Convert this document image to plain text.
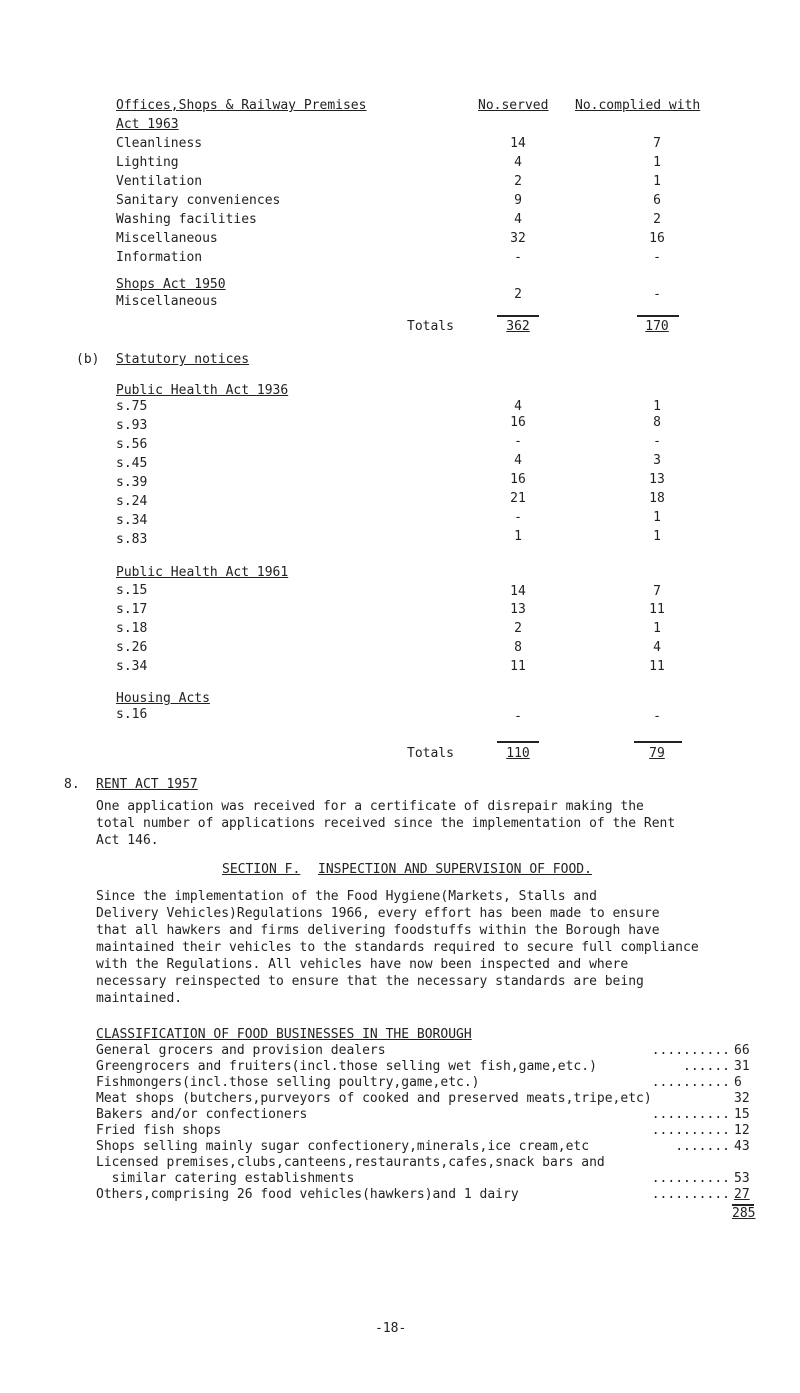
Offices,Shops & Railway Premises	No.served No.complied with
Act 1963
Cleanliness	14	7
Lighting	4	1
Ventilation	2	1
Sanitary conveniences	9	6
Washing facilities	4	2
Miscellaneous	32	16
Information	-	-
Shops Act 1950
Miscellaneous	2	-
Totals	362	170
(b) Statutory notices
Public Health Act 1936
s.75	4	1
s.93	16	8
s.56	-	-
s.45	4	3
s.39	16	13
s.24	21	18
s.34	-	1
s.83	1	1
Public Health Act 1961
s.15	14	7
s.17	13	11
s.18	2	1
s.26	8	4
s.34	11	11
Housing Acts
s.16	-	-
Totals	110	79
8. RENT ACT 1957

One application was received for a certificate of disrepair making the
total number of applications received since the implementation of the Rent
Act 146.

SECTION F. INSPECTION AND SUPERVISION OF FOOD.

Since the implementation of the Food Hygiene(Markets, Stalls and
Delivery Vehicles)Regulations 1966, every effort has been made to ensure
that all hawkers and firms delivering foodstuffs within the Borough have
maintained their vehicles to the standards required to secure full compliance
with the Regulations. All vehicles have now been inspected and where
necessary reinspected to ensure that the necessary standards are being
maintained.

CLASSIFICATION OF FOOD BUSINESSES IN THE BOROUGH
General grocers and provision dealers	.......... 66
Greengrocers and fruiters(incl.those selling wet fish,game,etc.)	...... 31
Fishmongers(incl.those selling poultry,game,etc.)	.......... 6
Meat shops (butchers,purveyors of cooked and preserved meats,tripe,etc)	32
Bakers and/or confectioners	.......... 15
Fried fish shops	.......... 12
Shops selling mainly sugar confectionery,minerals,ice cream,etc	....... 43
Licensed premises,clubs,canteens,restaurants,cafes,snack bars and
similar catering establishments	.......... 53
Others,comprising 26 food vehicles(hawkers)and 1 dairy	.......... 27
285
-18-
